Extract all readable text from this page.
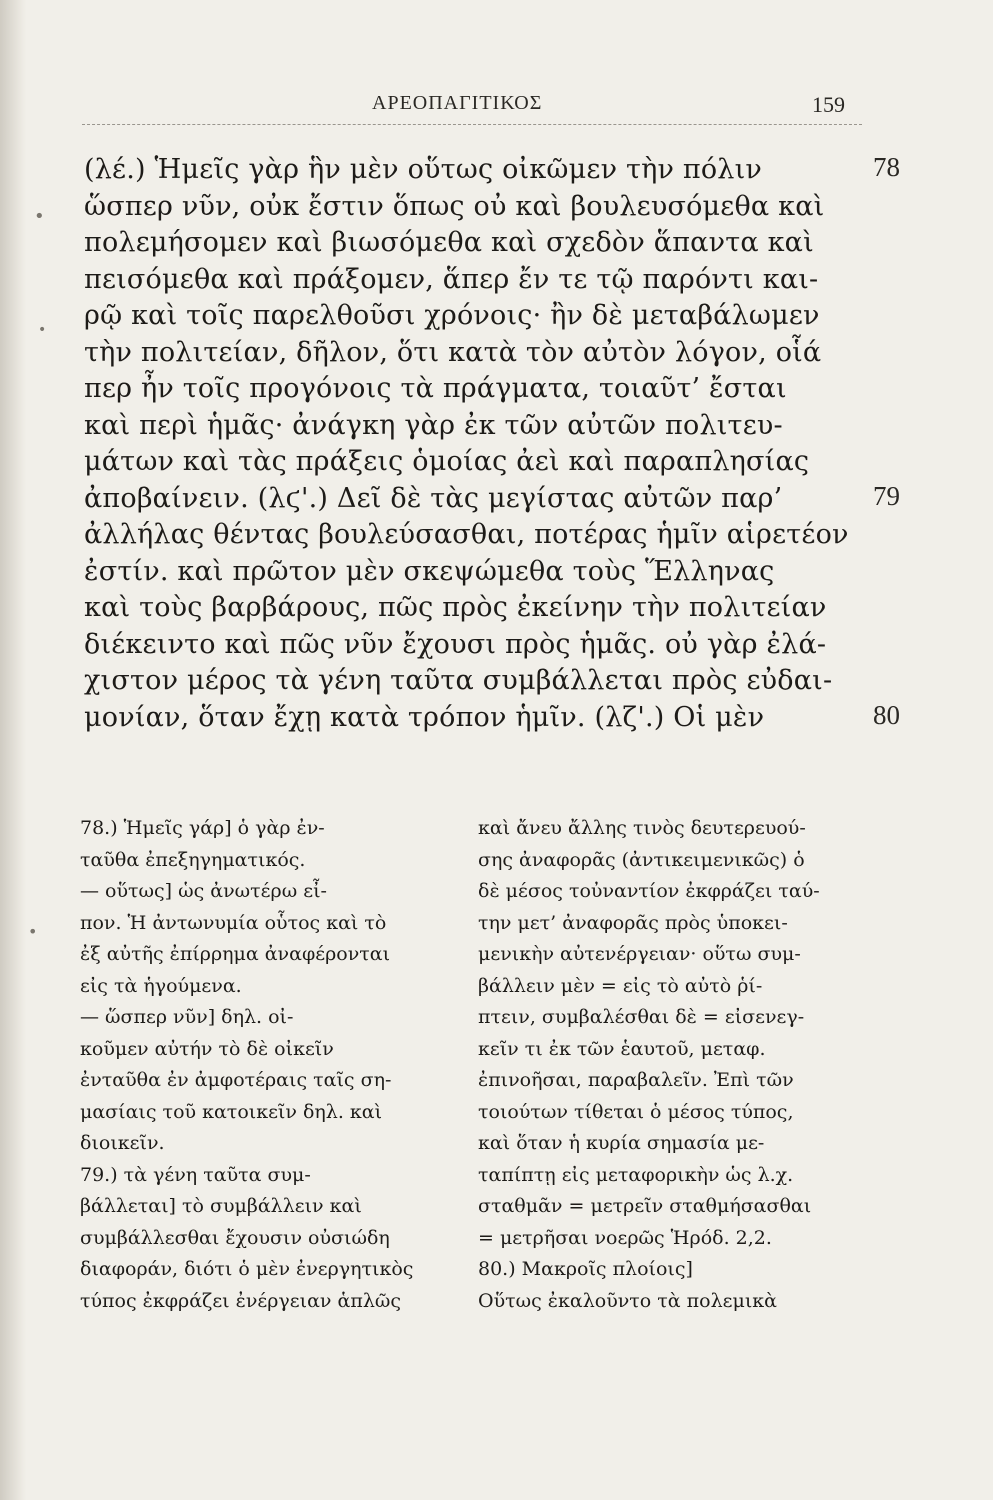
ΑΡΕΟΠΑΓΙΤΙΚΟΣ	159
(λέ.) Ἡμεῖς γὰρ ἣν μὲν οὕτως οἰκῶμεν τὴν πόλιν
ὥσπερ νῦν, οὐκ ἔστιν ὅπως οὐ καὶ βουλευσόμεθα καὶ
πολεμήσομεν καὶ βιωσόμεθα καὶ σχεδὸν ἅπαντα καὶ
πεισόμεθα καὶ πράξομεν, ἅπερ ἔν τε τῷ παρόντι και-
ρῷ καὶ τοῖς παρελθοῦσι χρόνοις· ἢν δὲ μεταβάλωμεν
τὴν πολιτείαν, δῆλον, ὅτι κατὰ τὸν αὐτὸν λόγον, οἷά
περ ἦν τοῖς προγόνοις τὰ πράγματα, τοιαῦτ’ ἔσται
καὶ περὶ ἡμᾶς· ἀνάγκη γὰρ ἐκ τῶν αὐτῶν πολιτευ-
μάτων καὶ τὰς πράξεις ὁμοίας ἀεὶ καὶ παραπλησίας
ἀποβαίνειν. (λϛ'.) Δεῖ δὲ τὰς μεγίστας αὐτῶν παρ’
ἀλλήλας θέντας βουλεύσασθαι, ποτέρας ἡμῖν αἱρετέον
ἐστίν. καὶ πρῶτον μὲν σκεψώμεθα τοὺς Ἕλληνας
καὶ τοὺς βαρβάρους, πῶς πρὸς ἐκείνην τὴν πολιτείαν
διέκειντο καὶ πῶς νῦν ἔχουσι πρὸς ἡμᾶς. οὐ γὰρ ἐλά-
χιστον μέρος τὰ γένη ταῦτα συμβάλλεται πρὸς εὐδαι-
μονίαν, ὅταν ἔχῃ κατὰ τρόπον ἡμῖν. (λζ'.) Οἱ μὲν
78
79
80
78.) Ἡμεῖς γάρ] ὁ γὰρ ἐν-
ταῦθα ἐπεξηγηματικός.
— οὕτως] ὡς ἀνωτέρω εἶ-
πον. Ἡ ἀντωνυμία οὗτος καὶ τὸ
ἐξ αὐτῆς ἐπίρρημα ἀναφέρονται
εἰς τὰ ἡγούμενα.
— ὥσπερ νῦν] δηλ. οἰ-
κοῦμεν αὐτήν τὸ δὲ οἰκεῖν
ἐνταῦθα ἐν ἀμφοτέραις ταῖς ση-
μασίαις τοῦ κατοικεῖν δηλ. καὶ
διοικεῖν.
79.) τὰ γένη ταῦτα συμ-
βάλλεται] τὸ συμβάλλειν καὶ
συμβάλλεσθαι ἔχουσιν οὐσιώδη
διαφοράν, διότι ὁ μὲν ἐνεργητικὸς
τύπος ἐκφράζει ἐνέργειαν ἁπλῶς
καὶ ἄνευ ἄλλης τινὸς δευτερευού-
σης ἀναφορᾶς (ἀντικειμενικῶς) ὁ
δὲ μέσος τοὐναντίον ἐκφράζει ταύ-
την μετ’ ἀναφορᾶς πρὸς ὑποκει-
μενικὴν αὐτενέργειαν· οὕτω συμ-
βάλλειν μὲν = εἰς τὸ αὐτὸ ῥί-
πτειν, συμβαλέσθαι δὲ = εἰσενεγ-
κεῖν τι ἐκ τῶν ἑαυτοῦ, μεταφ.
ἐπινοῆσαι, παραβαλεῖν. Ἐπὶ τῶν
τοιούτων τίθεται ὁ μέσος τύπος,
καὶ ὅταν ἡ κυρία σημασία με-
ταπίπτῃ εἰς μεταφορικὴν ὡς λ.χ.
σταθμᾶν = μετρεῖν σταθμήσασθαι
= μετρῆσαι νοερῶς Ἡρόδ. 2,2.
80.) Μακροῖς πλοίοις]
Οὕτως ἐκαλοῦντο τὰ πολεμικὰ
•
•
•
